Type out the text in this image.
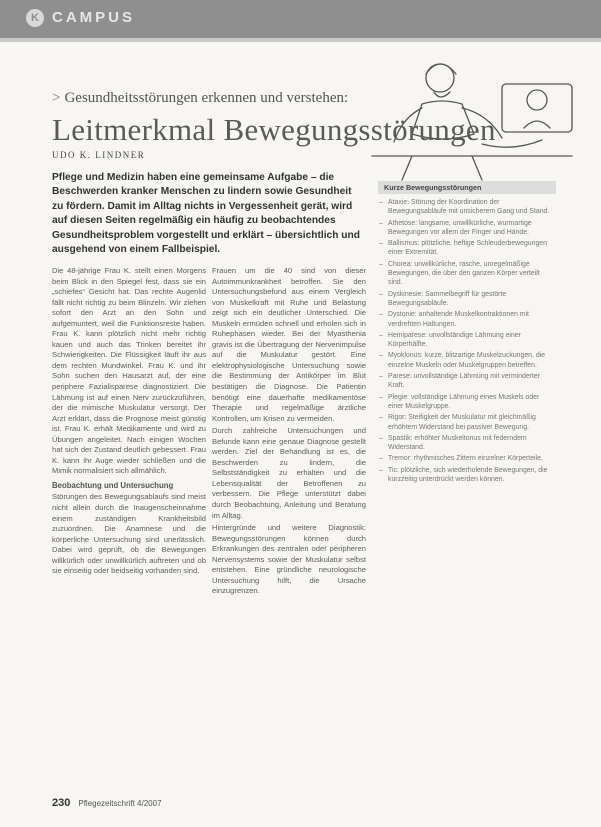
K CAMPUS
> Gesundheitsstörungen erkennen und verstehen:
Leitmerkmal Bewegungsstörungen
UDO K. LINDNER
Pflege und Medizin haben eine gemeinsame Aufgabe – die Beschwerden kranker Menschen zu lindern sowie Gesundheit zu fördern. Damit im Alltag nichts in Vergessenheit gerät, wird auf diesen Seiten regelmäßig ein häufig zu beobachtendes Gesundheitsproblem vorgestellt und erklärt – übersichtlich und ausgehend von einem Fallbeispiel.

Die 48-jährige Frau K. stellt einen Morgens beim Blick in den Spiegel fest, dass sie ein „schiefes“ Gesicht hat. Das rechte Augenlid fällt nicht richtig zu beim Blinzeln. Wir ziehen sofort den Arzt an den Sohn und aufgemuntert, weil die Funktionsreste haben. Frau K. kann plötzlich nicht mehr richtig kauen und auch das Trinken bereitet ihr Schwierigkeiten. Die Flüssigkeit läuft ihr aus dem rechten Mundwinkel. Frau K. und ihr Sohn suchen den Hausarzt auf, der eine periphere Fazialisparese diagnostiziert. Die Lähmung ist auf einen Nerv zurückzuführen, der die mimische Muskulatur versorgt. Der Arzt erklärt, dass die Prognose meist günstig ist. Frau K. erhält Medikamente und wird zu Übungen angeleitet. Nach einigen Wochen hat sich der Zustand deutlich gebessert. Frau K. kann ihr Auge wieder schließen und die Mimik normalisiert sich allmählich.

Beobachtung und Untersuchung

Störungen des Bewegungsablaufs sind meist nicht allein durch die Inaugenscheinnahme einem zuständigen Krankheitsbild zuzuordnen. Die Anamnese und die körperliche Untersuchung sind unerlässlich. Dabei wird geprüft, ob die Bewegungen willkürlich oder unwillkürlich auftreten und ob sie einseitig oder beidseitig vorhanden sind.

Frauen um die 40 sind von dieser Autoimmunkrankheit betroffen. Sie den Untersuchungsbefund aus einem Vergleich von Muskelkraft mit Ruhe und Belastung zeigt sich ein deutlicher Unterschied. Die Muskeln ermüden schnell und erholen sich in Ruhephasen wieder. Bei der Myasthenia gravis ist die Übertragung der Nervenimpulse auf die Muskulatur gestört. Eine elektrophysiologische Untersuchung sowie die Bestimmung der Antikörper im Blut bestätigen die Diagnose. Die Patientin benötigt eine dauerhafte medikamentöse Therapie und regelmäßige ärztliche Kontrollen, um Krisen zu vermeiden.

Durch zahlreiche Untersuchungen und Befunde kann eine genaue Diagnose gestellt werden. Ziel der Behandlung ist es, die Beschwerden zu lindern, die Selbstständigkeit zu erhalten und die Lebensqualität der Betroffenen zu verbessern. Die Pflege unterstützt dabei durch Beobachtung, Anleitung und Beratung im Alltag.

Hintergründe und weitere Diagnostik: Bewegungsstörungen können durch Erkrankungen des zentralen oder peripheren Nervensystems sowie der Muskulatur selbst entstehen. Eine gründliche neurologische Untersuchung hilft, die Ursache einzugrenzen.

Kurze Bewegungsstörungen
– Ataxie: Störung der Koordination der Bewegungsabläufe mit unsicherem Gang und Stand.
– Athetose: langsame, unwillkürliche, wurmartige Bewegungen vor allem der Finger und Hände.
– Ballismus: plötzliche, heftige Schleuderbewegungen einer Extremität.
– Chorea: unwillkürliche, rasche, unregelmäßige Bewegungen, die über den ganzen Körper verteilt sind.
– Dyskinesie: Sammelbegriff für gestörte Bewegungsabläufe.
– Dystonie: anhaltende Muskelkontraktionen mit verdrehten Haltungen.
– Hemiparese: unvollständige Lähmung einer Körperhälfte.
– Myoklonus: kurze, blitzartige Muskelzuckungen, die einzelne Muskeln oder Muskelgruppen betreffen.
– Parese: unvollständige Lähmung mit verminderter Kraft.
– Plegie: vollständige Lähmung eines Muskels oder einer Muskelgruppe.
– Rigor: Steifigkeit der Muskulatur mit gleichmäßig erhöhtem Widerstand bei passiver Bewegung.
– Spastik: erhöhter Muskeltonus mit federndem Widerstand.
– Tremor: rhythmisches Zittern einzelner Körperteile.
– Tic: plötzliche, sich wiederholende Bewegungen, die kurzzeitig unterdrückt werden können.
230 Pflegezeitschrift 4/2007
